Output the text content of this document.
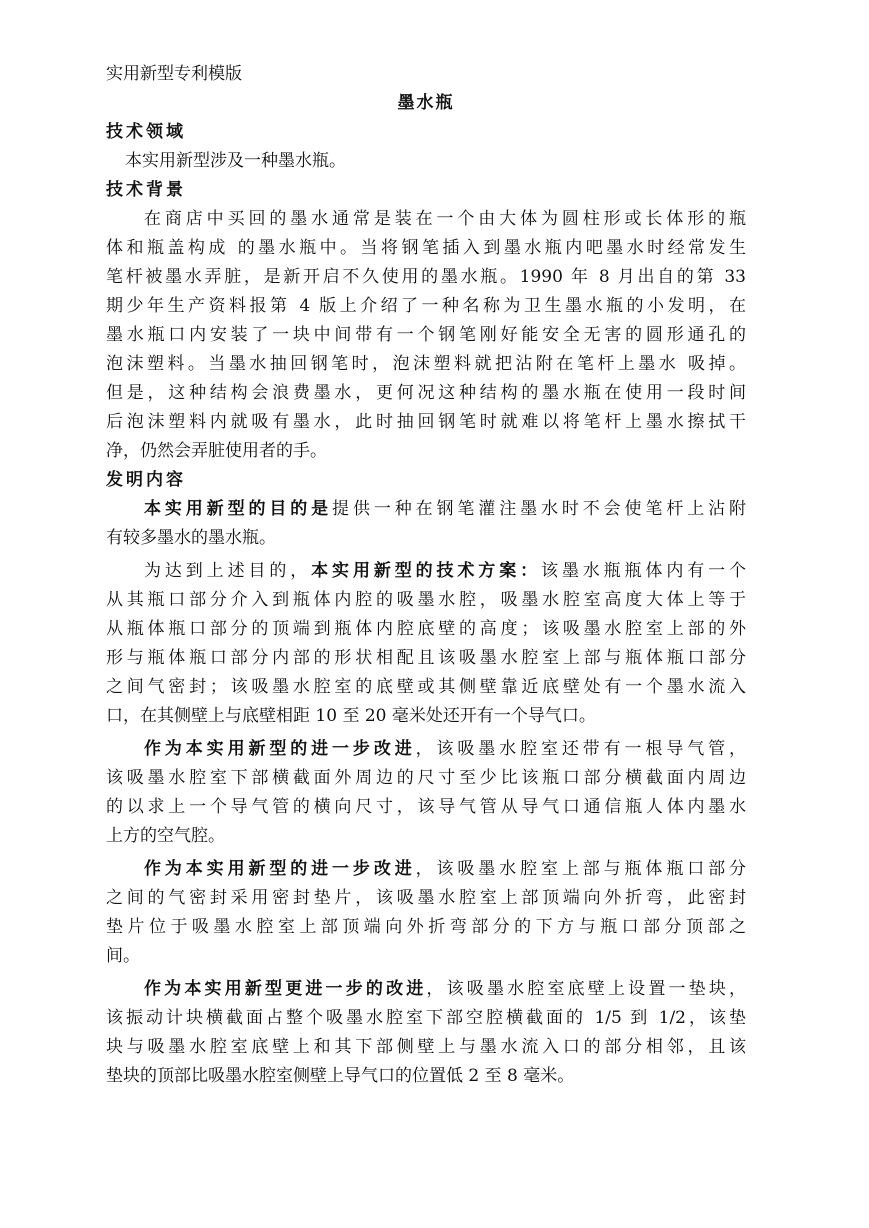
实用新型专利模版
墨水瓶
技术领域
本实用新型涉及一种墨水瓶。
技术背景
在商店中买回的墨水通常是装在一个由大体为圆柱形或长体形的瓶
体和瓶盖构成 的墨水瓶中。当将钢笔插入到墨水瓶内吧墨水时经常发生
笔杆被墨水弄脏，是新开启不久使用的墨水瓶。1990 年 8 月出自的第 33
期少年生产资料报第 4 版上介绍了一种名称为卫生墨水瓶的小发明，在
墨水瓶口内安装了一块中间带有一个钢笔刚好能安全无害的圆形通孔的
泡沫塑料。当墨水抽回钢笔时，泡沫塑料就把沾附在笔杆上墨水 吸掉。
但是，这种结构会浪费墨水，更何况这种结构的墨水瓶在使用一段时间
后泡沫塑料内就吸有墨水，此时抽回钢笔时就难以将笔杆上墨水擦拭干
净，仍然会弄脏使用者的手。
发明内容
本实用新型的目的是提供一种在钢笔灌注墨水时不会使笔杆上沾附
有较多墨水的墨水瓶。
为达到上述目的，本实用新型的技术方案：该墨水瓶瓶体内有一个
从其瓶口部分介入到瓶体内腔的吸墨水腔，吸墨水腔室高度大体上等于
从瓶体瓶口部分的顶端到瓶体内腔底壁的高度；该吸墨水腔室上部的外
形与瓶体瓶口部分内部的形状相配且该吸墨水腔室上部与瓶体瓶口部分
之间气密封；该吸墨水腔室的底壁或其侧壁靠近底壁处有一个墨水流入
口，在其侧壁上与底壁相距 10 至 20 毫米处还开有一个导气口。
作为本实用新型的进一步改进，该吸墨水腔室还带有一根导气管，
该吸墨水腔室下部横截面外周边的尺寸至少比该瓶口部分横截面内周边
的以求上一个导气管的横向尺寸，该导气管从导气口通信瓶人体内墨水
上方的空气腔。
作为本实用新型的进一步改进，该吸墨水腔室上部与瓶体瓶口部分
之间的气密封采用密封垫片，该吸墨水腔室上部顶端向外折弯，此密封
垫片位于吸墨水腔室上部顶端向外折弯部分的下方与瓶口部分顶部之
间。
作为本实用新型更进一步的改进，该吸墨水腔室底壁上设置一垫块，
该振动计块横截面占整个吸墨水腔室下部空腔横截面的 1/5 到 1/2，该垫
块与吸墨水腔室底壁上和其下部侧壁上与墨水流入口的部分相邻，且该
垫块的顶部比吸墨水腔室侧壁上导气口的位置低 2 至 8 毫米。
